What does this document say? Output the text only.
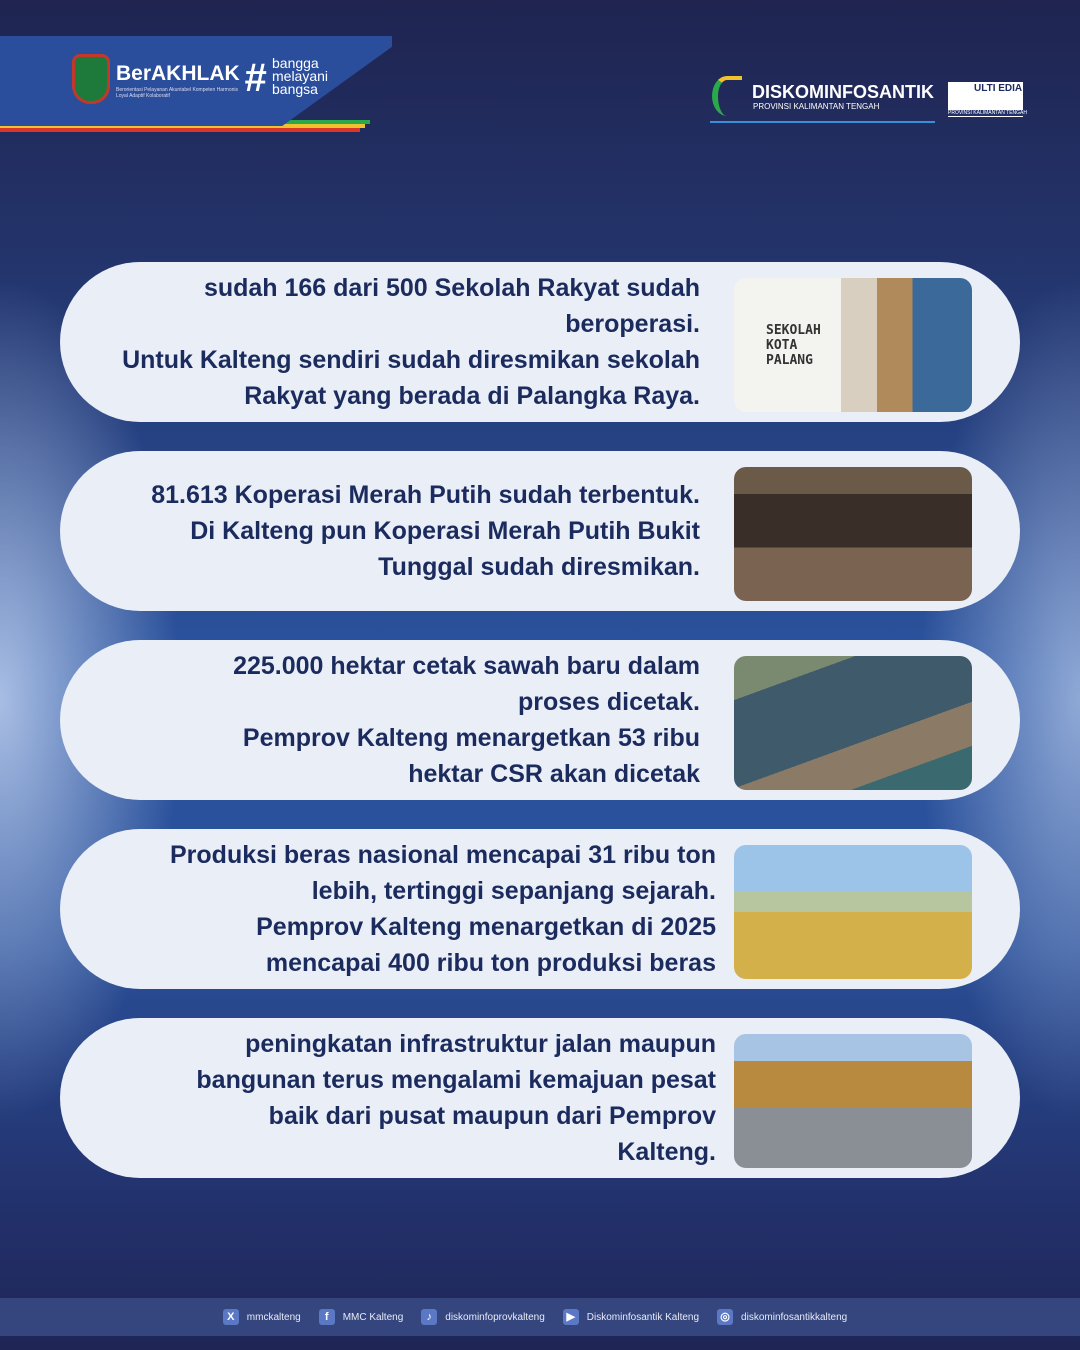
BerAKHLAK
Berorientasi Pelayanan Akuntabel Kompeten Harmonis Loyal Adaptif Kolaboratif	# bangga
melayani
bangsa	DISKOMINFOSANTIK
PROVINSI KALIMANTAN TENGAH
ULTI EDIA
PROVINSI KALIMANTAN TENGAH
sudah 166 dari 500 Sekolah Rakyat sudah
beroperasi.
Untuk Kalteng sendiri sudah diresmikan sekolah
Rakyat yang berada di Palangka Raya.
SEKOLAH KOTA PALANG
81.613 Koperasi Merah Putih sudah terbentuk.
Di Kalteng pun Koperasi Merah Putih Bukit
Tunggal sudah diresmikan.
225.000 hektar cetak sawah baru dalam
proses dicetak.
Pemprov Kalteng menargetkan 53 ribu
hektar CSR akan dicetak
Produksi beras nasional mencapai 31 ribu ton
lebih, tertinggi sepanjang sejarah.
Pemprov Kalteng menargetkan di 2025
mencapai 400 ribu ton produksi beras
peningkatan infrastruktur jalan maupun
bangunan terus mengalami kemajuan pesat
baik dari pusat maupun dari Pemprov
Kalteng.
X	mmckalteng	f	MMC Kalteng	♪	diskominfoprovkalteng	▶	Diskominfosantik Kalteng ◎	diskominfosantikkalteng
